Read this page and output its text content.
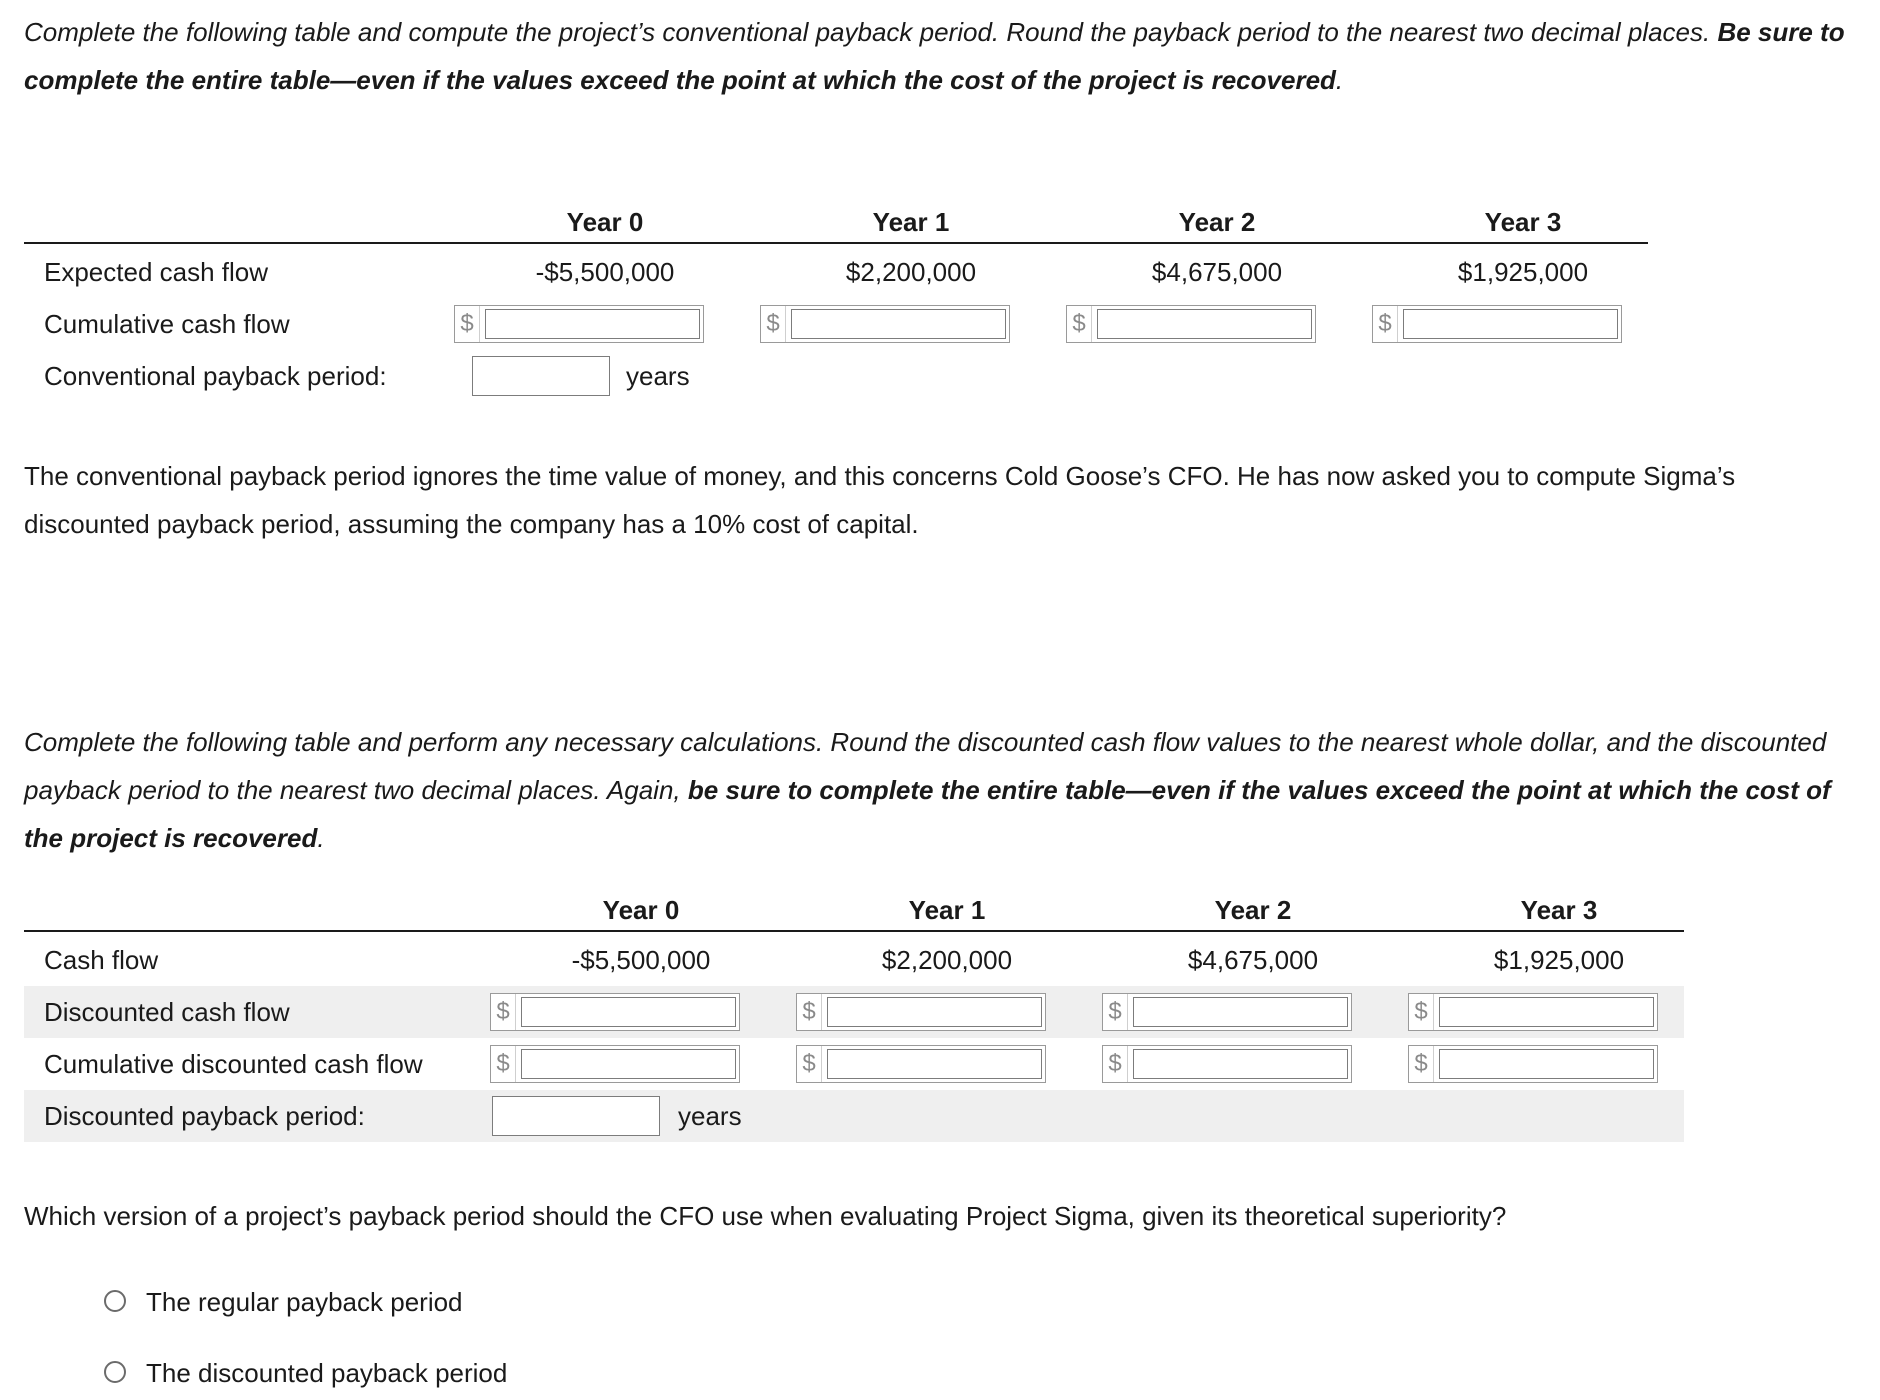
Complete the following table and compute the project’s conventional payback period. Round the payback period to the nearest two decimal places. Be sure to complete the entire table—even if the values exceed the point at which the cost of the project is recovered.

Year 0	Year 1	Year 2	Year 3
Expected cash flow	-$5,500,000	$2,200,000	$4,675,000	$1,925,000
Cumulative cash flow	$	$	$	$
Conventional payback period:	years

The conventional payback period ignores the time value of money, and this concerns Cold Goose’s CFO. He has now asked you to compute Sigma’s discounted payback period, assuming the company has a 10% cost of capital.

Complete the following table and perform any necessary calculations. Round the discounted cash flow values to the nearest whole dollar, and the discounted payback period to the nearest two decimal places. Again, be sure to complete the entire table—even if the values exceed the point at which the cost of the project is recovered.

Year 0	Year 1	Year 2	Year 3
Cash flow	-$5,500,000	$2,200,000	$4,675,000	$1,925,000
Discounted cash flow	$	$	$	$
Cumulative discounted cash flow	$	$	$	$
Discounted payback period:	years

Which version of a project’s payback period should the CFO use when evaluating Project Sigma, given its theoretical superiority?

The regular payback period
The discounted payback period
